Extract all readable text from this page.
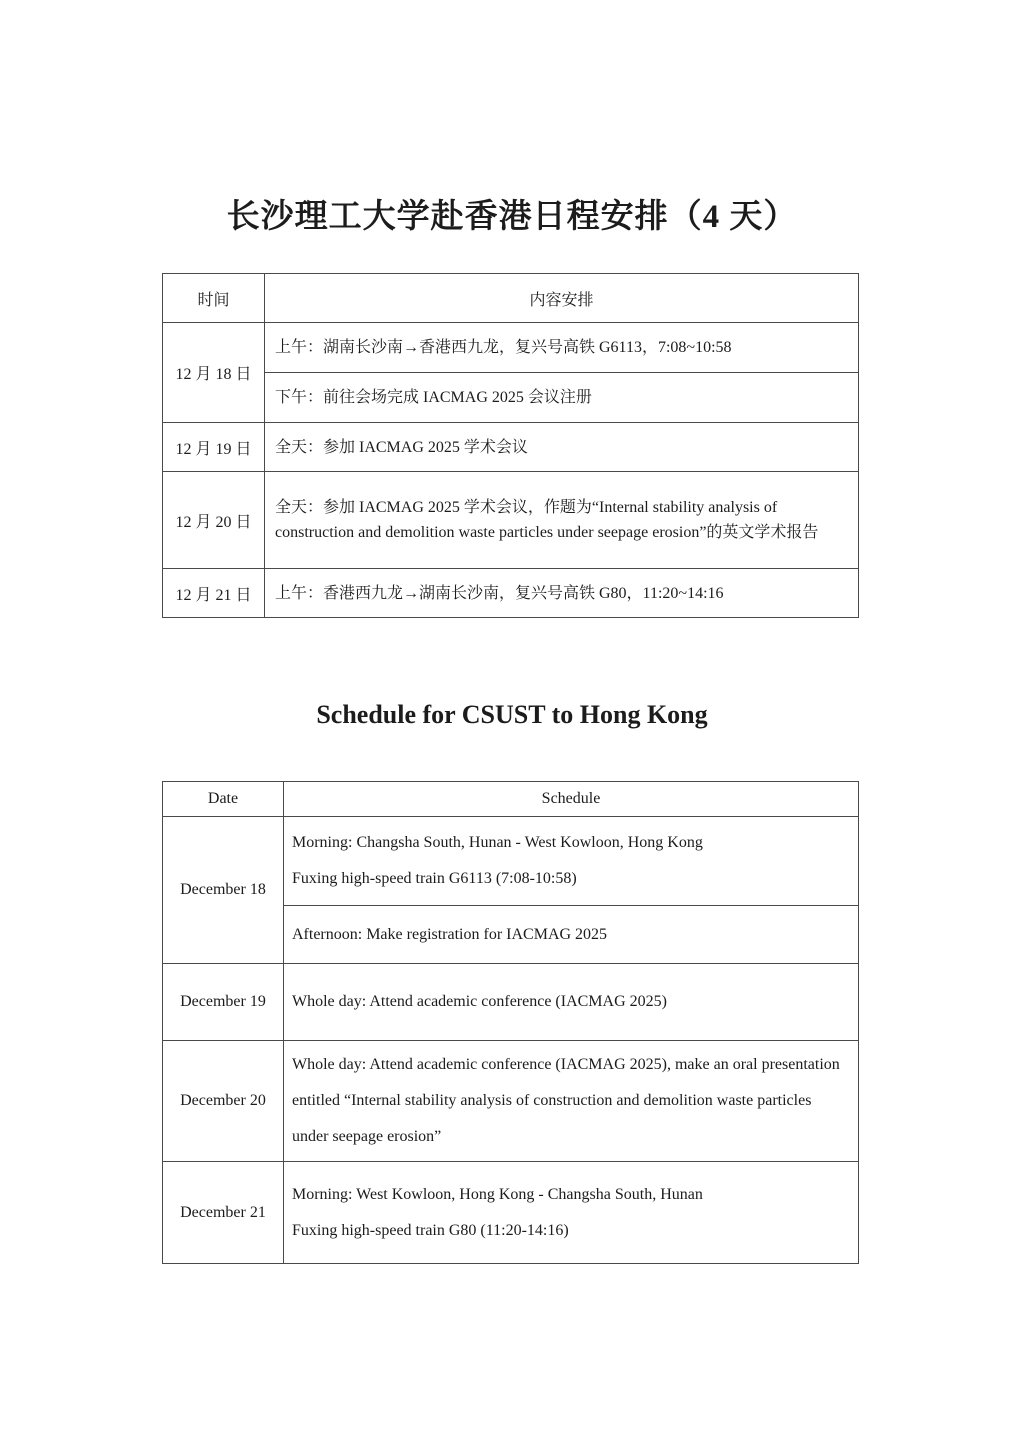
长沙理工大学赴香港日程安排（4 天）
时间	内容安排
12 月 18 日	上午：湖南长沙南→香港西九龙，复兴号高铁 G6113，7:08~10:58
	下午：前往会场完成 IACMAG 2025 会议注册
12 月 19 日	全天：参加 IACMAG 2025 学术会议
12 月 20 日	全天：参加 IACMAG 2025 学术会议，作题为“Internal stability analysis of construction and demolition waste particles under seepage erosion”的英文学术报告
12 月 21 日	上午：香港西九龙→湖南长沙南，复兴号高铁 G80，11:20~14:16
Schedule for CSUST to Hong Kong
Date	Schedule
December 18	Morning: Changsha South, Hunan - West Kowloon, Hong Kong
Fuxing high-speed train G6113 (7:08-10:58)

	Afternoon: Make registration for IACMAG 2025

December 19	Whole day: Attend academic conference (IACMAG 2025)

December 20	Whole day: Attend academic conference (IACMAG 2025), make an oral presentation entitled “Internal stability analysis of construction and demolition waste particles under seepage erosion”
December 21	Morning: West Kowloon, Hong Kong - Changsha South, Hunan
Fuxing high-speed train G80 (11:20-14:16)
